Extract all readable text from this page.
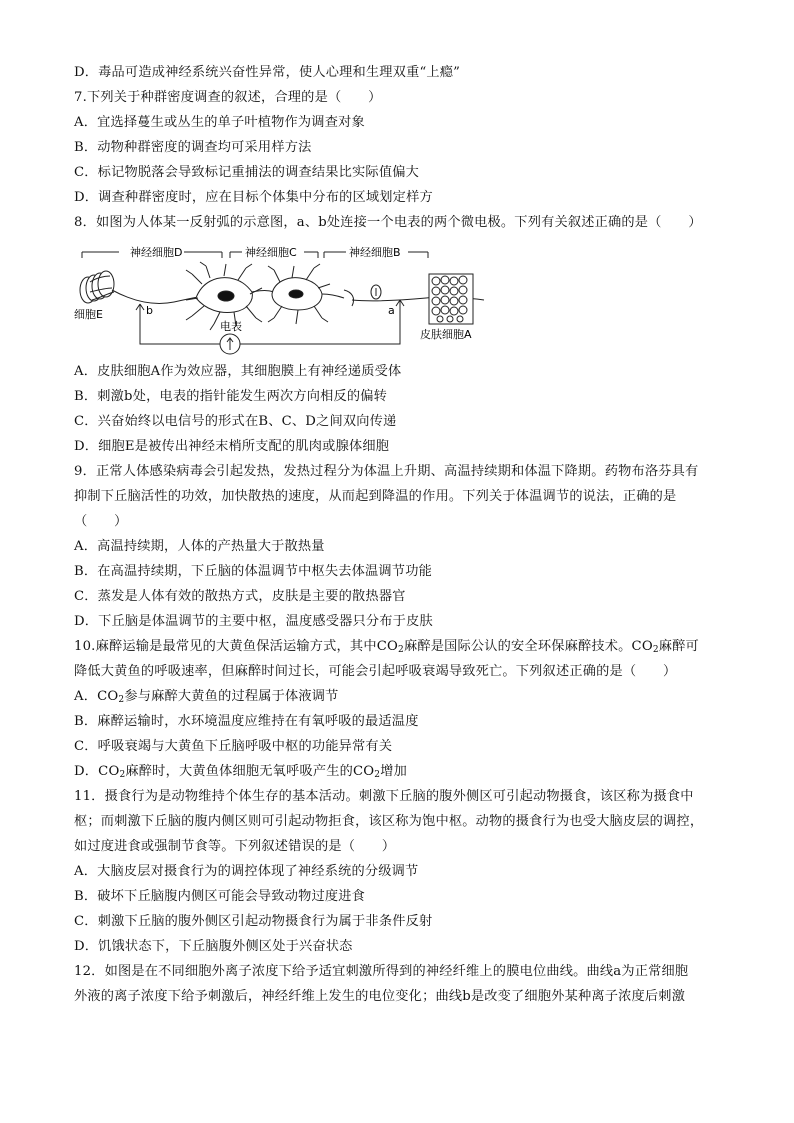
D．毒品可造成神经系统兴奋性异常，使人心理和生理双重“上瘾”
7.下列关于种群密度调查的叙述，合理的是（　　）
A．宜选择蔓生或丛生的单子叶植物作为调查对象
B．动物种群密度的调查均可采用样方法
C．标记物脱落会导致标记重捕法的调查结果比实际值偏大
D．调查种群密度时，应在目标个体集中分布的区域划定样方
8．如图为人体某一反射弧的示意图，a、b处连接一个电表的两个微电极。下列有关叙述正确的是（　　）
神经细胞D	神经细胞C	神经细胞B
细胞E
皮肤细胞A
电表
b	a
A．皮肤细胞A作为效应器，其细胞膜上有神经递质受体
B．刺激b处，电表的指针能发生两次方向相反的偏转
C．兴奋始终以电信号的形式在B、C、D之间双向传递
D．细胞E是被传出神经末梢所支配的肌肉或腺体细胞
9．正常人体感染病毒会引起发热，发热过程分为体温上升期、高温持续期和体温下降期。药物布洛芬具有
抑制下丘脑活性的功效，加快散热的速度，从而起到降温的作用。下列关于体温调节的说法，正确的是
（　　）
A．高温持续期，人体的产热量大于散热量
B．在高温持续期，下丘脑的体温调节中枢失去体温调节功能
C．蒸发是人体有效的散热方式，皮肤是主要的散热器官
D．下丘脑是体温调节的主要中枢，温度感受器只分布于皮肤
10.麻醉运输是最常见的大黄鱼保活运输方式，其中$CO_2$麻醉是国际公认的安全环保麻醉技术。$CO_2$麻醉可
降低大黄鱼的呼吸速率，但麻醉时间过长，可能会引起呼吸衰竭导致死亡。下列叙述正确的是（　　）
A．$CO_2$参与麻醉大黄鱼的过程属于体液调节
B．麻醉运输时，水环境温度应维持在有氧呼吸的最适温度
C．呼吸衰竭与大黄鱼下丘脑呼吸中枢的功能异常有关
D．$CO_2$麻醉时，大黄鱼体细胞无氧呼吸产生的$CO_2$增加
11．摄食行为是动物维持个体生存的基本活动。刺激下丘脑的腹外侧区可引起动物摄食，该区称为摄食中
枢；而刺激下丘脑的腹内侧区则可引起动物拒食，该区称为饱中枢。动物的摄食行为也受大脑皮层的调控，
如过度进食或强制节食等。下列叙述错误的是（　　）
A．大脑皮层对摄食行为的调控体现了神经系统的分级调节
B．破坏下丘脑腹内侧区可能会导致动物过度进食
C．刺激下丘脑的腹外侧区引起动物摄食行为属于非条件反射
D．饥饿状态下，下丘脑腹外侧区处于兴奋状态
12．如图是在不同细胞外离子浓度下给予适宜刺激所得到的神经纤维上的膜电位曲线。曲线a为正常细胞
外液的离子浓度下给予刺激后，神经纤维上发生的电位变化；曲线b是改变了细胞外某种离子浓度后刺激
